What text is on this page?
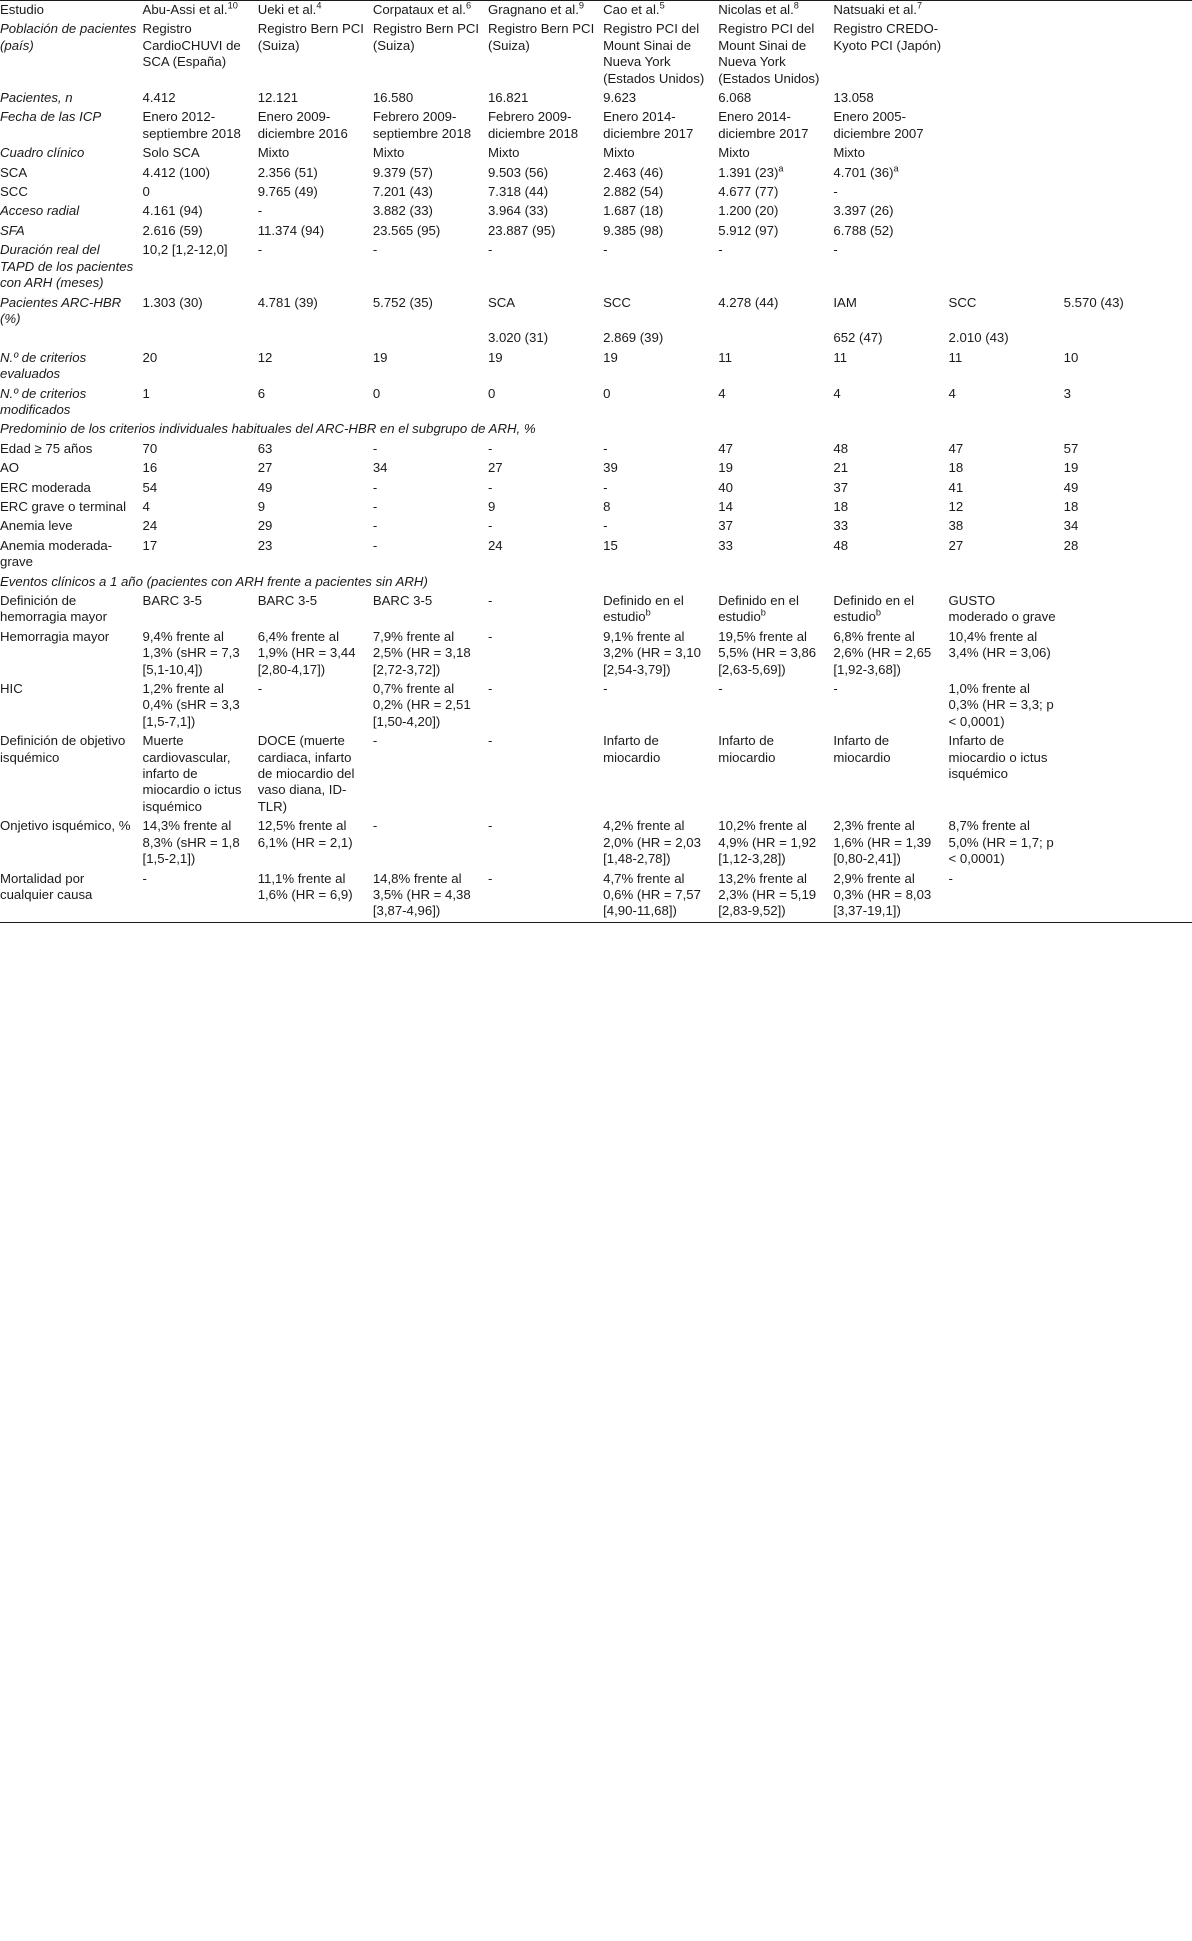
Estudio	Abu-Assi et al.$^{10}$	Ueki et al.$^4$	Corpataux et al.$^6$	Gragnano et al.$^9$	Cao et al.$^5$	Nicolas et al.$^8$	Natsuaki et al.$^7$		
Población de pacientes (país)	Registro CardioCHUVI de SCA (España)	Registro Bern PCI (Suiza)	Registro Bern PCI (Suiza)	Registro Bern PCI (Suiza)	Registro PCI del Mount Sinai de Nueva York (Estados Unidos)	Registro PCI del Mount Sinai de Nueva York (Estados Unidos)	Registro CREDO-Kyoto PCI (Japón)		
Pacientes, n	4.412	12.121	16.580	16.821	9.623	6.068	13.058		
Fecha de las ICP	Enero 2012-septiembre 2018	Enero 2009-diciembre 2016	Febrero 2009-septiembre 2018	Febrero 2009-diciembre 2018	Enero 2014-diciembre 2017	Enero 2014-diciembre 2017	Enero 2005-diciembre 2007		
Cuadro clínico	Solo SCA	Mixto	Mixto	Mixto	Mixto	Mixto	Mixto		
SCA	4.412 (100)	2.356 (51)	9.379 (57)	9.503 (56)	2.463 (46)	1.391 $(23)^a$	4.701 $(36)^a$		
SCC	0	9.765 (49)	7.201 (43)	7.318 (44)	2.882 (54)	4.677 (77)	-		
Acceso radial	4.161 (94)	-	3.882 (33)	3.964 (33)	1.687 (18)	1.200 (20)	3.397 (26)		
SFA	2.616 (59)	11.374 (94)	23.565 (95)	23.887 (95)	9.385 (98)	5.912 (97)	6.788 (52)		
Duración real del TAPD de los pacientes con ARH (meses)	10,2 [1,2-12,0]	-	-	-	-	-	-		
Pacientes ARC-HBR (%)	1.303 (30)	4.781 (39)	5.752 (35)	SCA	SCC	4.278 (44)	IAM	SCC	5.570 (43)
				3.020 (31)	2.869 (39)		652 (47)	2.010 (43)	
N.º de criterios evaluados	20	12	19	19	19	11	11	11	10
N.º de criterios modificados	1	6	0	0	0	4	4	4	3
Predominio de los criterios individuales habituales del ARC-HBR en el subgrupo de ARH, %									
Edad ≥ 75 años	70	63	-	-	-	47	48	47	57
AO	16	27	34	27	39	19	21	18	19
ERC moderada	54	49	-	-	-	40	37	41	49
ERC grave o terminal	4	9	-	9	8	14	18	12	18
Anemia leve	24	29	-	-	-	37	33	38	34
Anemia moderada-grave	17	23	-	24	15	33	48	27	28
Eventos clínicos a 1 año (pacientes con ARH frente a pacientes sin ARH)									
Definición de hemorragia mayor	BARC 3-5	BARC 3-5	BARC 3-5	-	Definido en el estudio$^b$	Definido en el estudio$^b$	Definido en el estudio$^b$	GUSTO moderado o grave	
Hemorragia mayor	9,4% frente al 1,3% (sHR = 7,3 [5,1-10,4])	6,4% frente al 1,9% (HR = 3,44 [2,80-4,17])	7,9% frente al 2,5% (HR = 3,18 [2,72-3,72])	-	9,1% frente al 3,2% (HR = 3,10 [2,54-3,79])	19,5% frente al 5,5% (HR = 3,86 [2,63-5,69])	6,8% frente al 2,6% (HR = 2,65 [1,92-3,68])	10,4% frente al 3,4% (HR = 3,06)	
HIC	1,2% frente al 0,4% (sHR = 3,3 [1,5-7,1])	-	0,7% frente al 0,2% (HR = 2,51 [1,50-4,20])	-	-	-	-	1,0% frente al 0,3% (HR = 3,3; p < 0,0001)	
Definición de objetivo isquémico	Muerte cardiovascular, infarto de miocardio o ictus isquémico	DOCE (muerte cardiaca, infarto de miocardio del vaso diana, ID-TLR)	-	-	Infarto de miocardio	Infarto de miocardio	Infarto de miocardio	Infarto de miocardio o ictus isquémico	
Onjetivo isquémico, %	14,3% frente al 8,3% (sHR = 1,8 [1,5-2,1])	12,5% frente al 6,1% (HR = 2,1)	-	-	4,2% frente al 2,0% (HR = 2,03 [1,48-2,78])	10,2% frente al 4,9% (HR = 1,92 [1,12-3,28])	2,3% frente al 1,6% (HR = 1,39 [0,80-2,41])	8,7% frente al 5,0% (HR = 1,7; p < 0,0001)	
Mortalidad por cualquier causa	-	11,1% frente al 1,6% (HR = 6,9)	14,8% frente al 3,5% (HR = 4,38 [3,87-4,96])	-	4,7% frente al 0,6% (HR = 7,57 [4,90-11,68])	13,2% frente al 2,3% (HR = 5,19 [2,83-9,52])	2,9% frente al 0,3% (HR = 8,03 [3,37-19,1])	-	
